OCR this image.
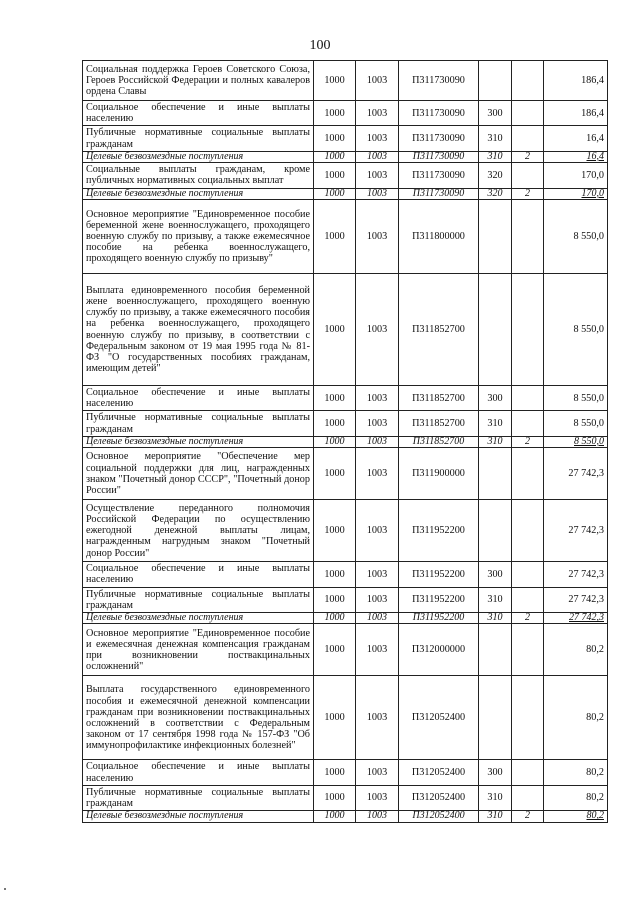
100
Социальная поддержка Героев Советского Союза, Героев Российской Федерации и полных кавалеров ордена Славы	1000	1003	П311730090			186,4
Социальное обеспечение и иные выплаты населению	1000	1003	П311730090	300		186,4
Публичные нормативные социальные выплаты гражданам	1000	1003	П311730090	310		16,4
Целевые безвозмездные поступления	1000	1003	П311730090	310	2	16,4
Социальные выплаты гражданам, кроме публичных нормативных социальных выплат	1000	1003	П311730090	320		170,0
Целевые безвозмездные поступления	1000	1003	П311730090	320	2	170,0
Основное мероприятие "Единовременное пособие беременной жене военнослужащего, проходящего военную службу по призыву, а также ежемесячное пособие на ребенка военнослужащего, проходящего военную службу по призыву"	1000	1003	П311800000			8 550,0
Выплата единовременного пособия беременной жене военнослужащего, проходящего военную службу по призыву, а также ежемесячного пособия на ребенка военнослужащего, проходящего военную службу по призыву, в соответствии с Федеральным законом от 19 мая 1995 года № 81-ФЗ "О государственных пособиях гражданам, имеющим детей"	1000	1003	П311852700			8 550,0
Социальное обеспечение и иные выплаты населению	1000	1003	П311852700	300		8 550,0
Публичные нормативные социальные выплаты гражданам	1000	1003	П311852700	310		8 550,0
Целевые безвозмездные поступления	1000	1003	П311852700	310	2	8 550,0
Основное мероприятие "Обеспечение мер социальной поддержки для лиц, награжденных знаком "Почетный донор СССР", "Почетный донор России"	1000	1003	П311900000			27 742,3
Осуществление переданного полномочия Российской Федерации по осуществлению ежегодной денежной выплаты лицам, награжденным нагрудным знаком "Почетный донор России"	1000	1003	П311952200			27 742,3
Социальное обеспечение и иные выплаты населению	1000	1003	П311952200	300		27 742,3
Публичные нормативные социальные выплаты гражданам	1000	1003	П311952200	310		27 742,3
Целевые безвозмездные поступления	1000	1003	П311952200	310	2	27 742,3
Основное мероприятие "Единовременное пособие и ежемесячная денежная компенсация гражданам при возникновении поствакцинальных осложнений"	1000	1003	П312000000			80,2
Выплата государственного единовременного пособия и ежемесячной денежной компенсации гражданам при возникновении поствакцинальных осложнений в соответствии с Федеральным законом от 17 сентября 1998 года № 157-ФЗ "Об иммунопрофилактике инфекционных болезней"	1000	1003	П312052400			80,2
Социальное обеспечение и иные выплаты населению	1000	1003	П312052400	300		80,2
Публичные нормативные социальные выплаты гражданам	1000	1003	П312052400	310		80,2
Целевые безвозмездные поступления	1000	1003	П312052400	310	2	80,2
